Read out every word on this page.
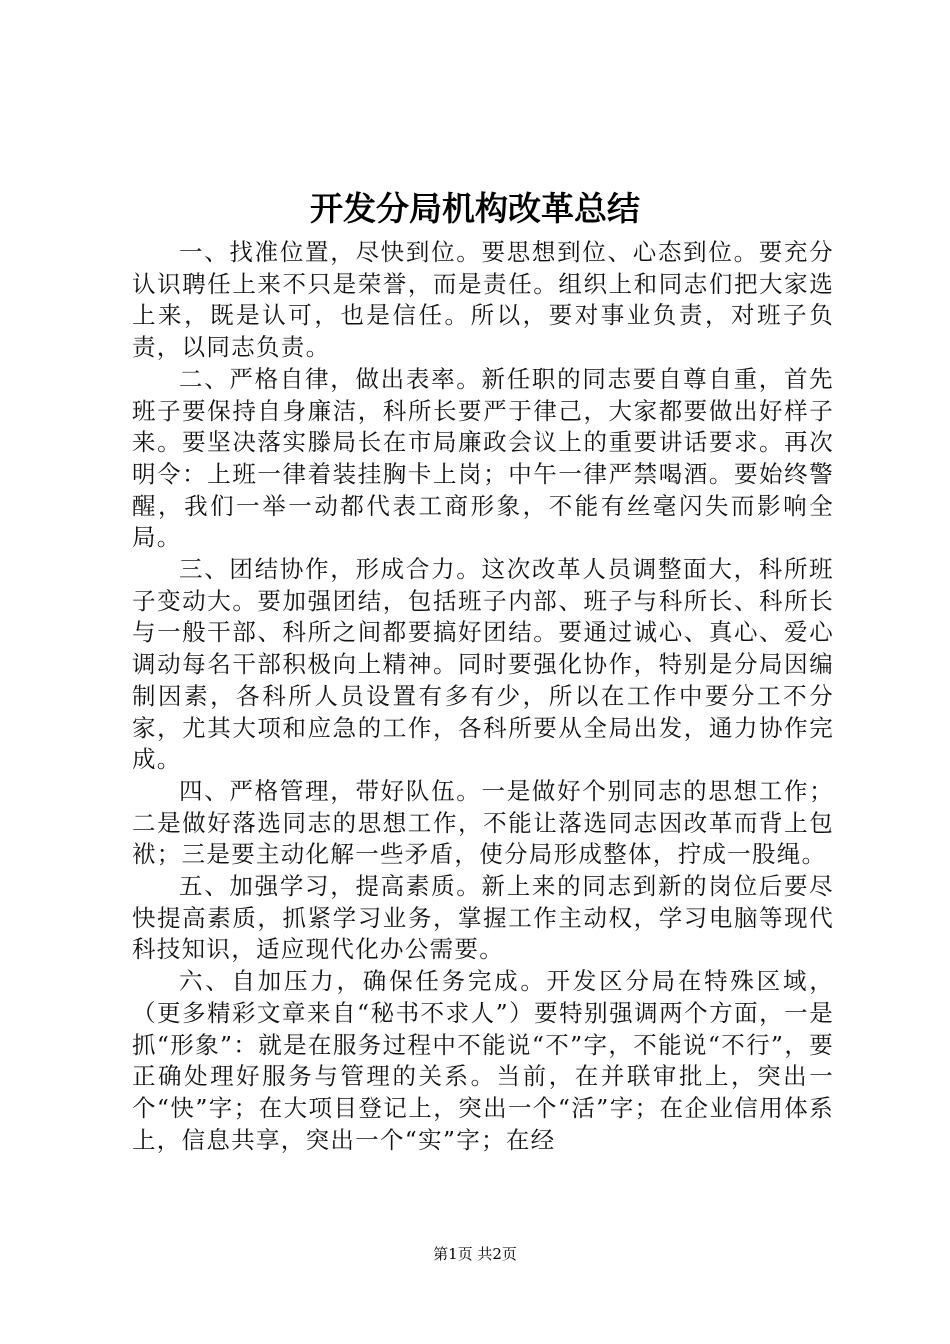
开发分局机构改革总结

一、找准位置，尽快到位。要思想到位、心态到位。要充分认识聘任上来不只是荣誉，而是责任。组织上和同志们把大家选上来，既是认可，也是信任。所以，要对事业负责，对班子负责，以同志负责。

二、严格自律，做出表率。新任职的同志要自尊自重，首先班子要保持自身廉洁，科所长要严于律己，大家都要做出好样子来。要坚决落实滕局长在市局廉政会议上的重要讲话要求。再次明令：上班一律着装挂胸卡上岗；中午一律严禁喝酒。要始终警醒，我们一举一动都代表工商形象，不能有丝毫闪失而影响全局。

三、团结协作，形成合力。这次改革人员调整面大，科所班子变动大。要加强团结，包括班子内部、班子与科所长、科所长与一般干部、科所之间都要搞好团结。要通过诚心、真心、爱心调动每名干部积极向上精神。同时要强化协作，特别是分局因编制因素，各科所人员设置有多有少，所以在工作中要分工不分家，尤其大项和应急的工作，各科所要从全局出发，通力协作完成。

四、严格管理，带好队伍。一是做好个别同志的思想工作；二是做好落选同志的思想工作，不能让落选同志因改革而背上包袱；三是要主动化解一些矛盾，使分局形成整体，拧成一股绳。

五、加强学习，提高素质。新上来的同志到新的岗位后要尽快提高素质，抓紧学习业务，掌握工作主动权，学习电脑等现代科技知识，适应现代化办公需要。

六、自加压力，确保任务完成。开发区分局在特殊区域，（更多精彩文章来自“秘书不求人”）要特别强调两个方面，一是抓“形象”：就是在服务过程中不能说“不”字，不能说“不行”，要正确处理好服务与管理的关系。当前，在并联审批上，突出一个“快”字；在大项目登记上，突出一个“活”字；在企业信用体系上，信息共享，突出一个“实”字；在经

第1页 共2页
